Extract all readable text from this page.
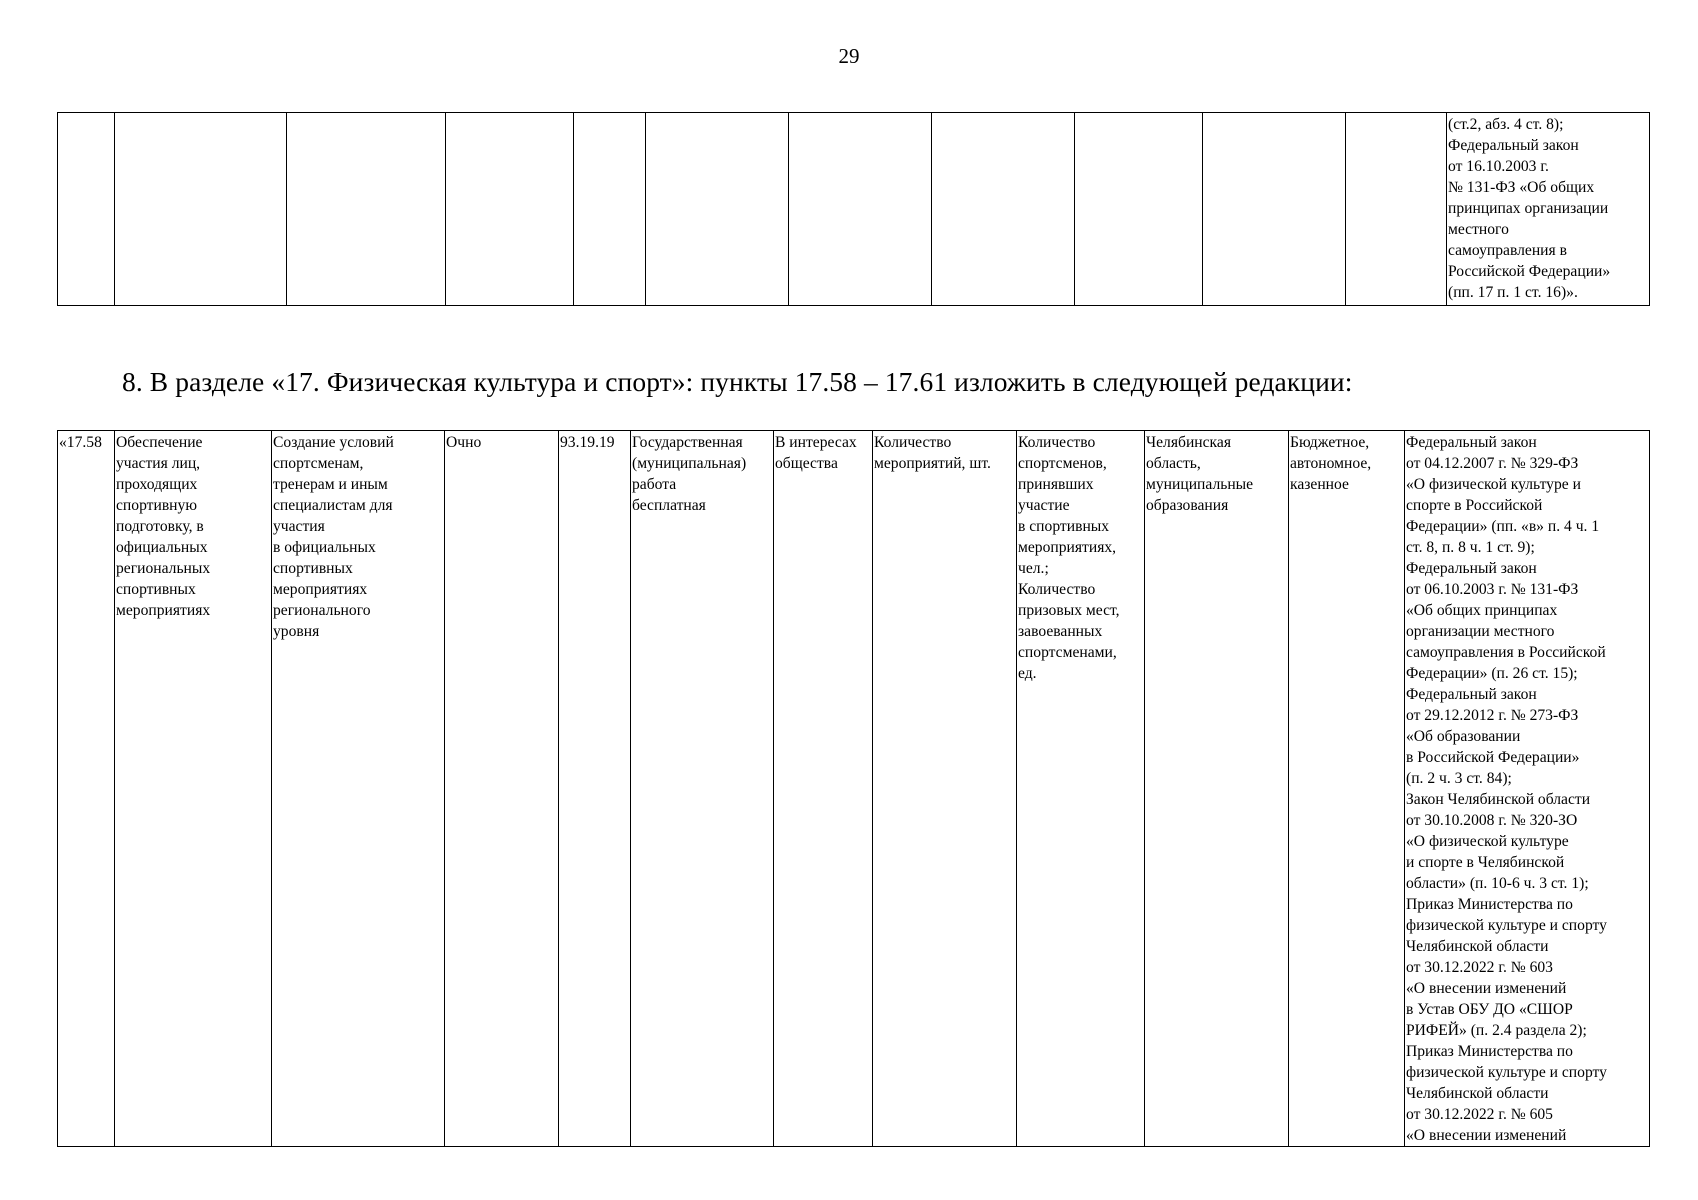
29
											(ст.2, абз. 4 ст. 8);
Федеральный закон
от 16.10.2003 г.
№ 131-ФЗ «Об общих
принципах организации
местного
самоуправления в
Российской Федерации»
(пп. 17 п. 1 ст. 16)».
8. В разделе «17. Физическая культура и спорт»: пункты 17.58 – 17.61 изложить в следующей редакции:
«17.58	Обеспечение
участия лиц,
проходящих
спортивную
подготовку, в
официальных
региональных
спортивных
мероприятиях	Создание условий
спортсменам,
тренерам и иным
специалистам для
участия
в официальных
спортивных
мероприятиях
регионального
уровня	Очно	93.19.19	Государственная
(муниципальная)
работа
бесплатная	В интересах
общества	Количество
мероприятий, шт.	Количество
спортсменов,
принявших
участие
в спортивных
мероприятиях,
чел.;
Количество
призовых мест,
завоеванных
спортсменами,
ед.	Челябинская
область,
муниципальные
образования	Бюджетное,
автономное,
казенное	Федеральный закон
от 04.12.2007 г. № 329-ФЗ
«О физической культуре и
спорте в Российской
Федерации» (пп. «в» п. 4 ч. 1
ст. 8, п. 8 ч. 1 ст. 9);
Федеральный закон
от 06.10.2003 г. № 131-ФЗ
«Об общих принципах
организации местного
самоуправления в Российской
Федерации» (п. 26 ст. 15);
Федеральный закон
от 29.12.2012 г. № 273-ФЗ
«Об образовании
в Российской Федерации»
(п. 2 ч. 3 ст. 84);
Закон Челябинской области
от 30.10.2008 г. № 320-ЗО
«О физической культуре
и спорте в Челябинской
области» (п. 10-6 ч. 3 ст. 1);
Приказ Министерства по
физической культуре и спорту
Челябинской области
от 30.12.2022 г. № 603
«О внесении изменений
в Устав ОБУ ДО «СШОР
РИФЕЙ» (п. 2.4 раздела 2);
Приказ Министерства по
физической культуре и спорту
Челябинской области
от 30.12.2022 г. № 605
«О внесении изменений
